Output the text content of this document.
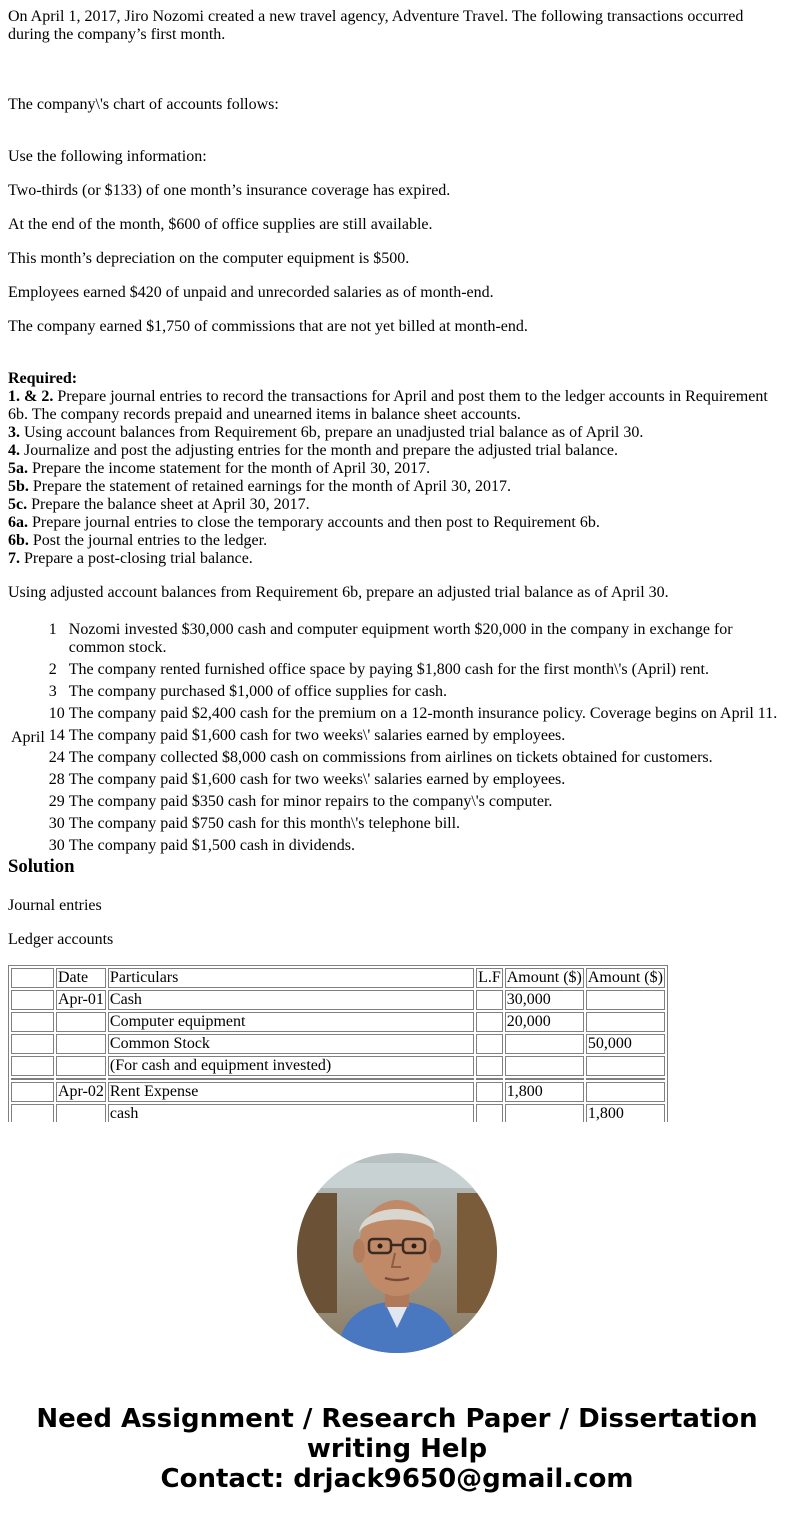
On April 1, 2017, Jiro Nozomi created a new travel agency, Adventure Travel. The following transactions occurred during the company’s first month.

The company\'s chart of accounts follows:

Use the following information:

Two-thirds (or $133) of one month’s insurance coverage has expired.

At the end of the month, $600 of office supplies are still available.

This month’s depreciation on the computer equipment is $500.

Employees earned $420 of unpaid and unrecorded salaries as of month-end.

The company earned $1,750 of commissions that are not yet billed at month-end.

Required:
1. & 2. Prepare journal entries to record the transactions for April and post them to the ledger accounts in Requirement 6b. The company records prepaid and unearned items in balance sheet accounts.
3. Using account balances from Requirement 6b, prepare an unadjusted trial balance as of April 30.
4. Journalize and post the adjusting entries for the month and prepare the adjusted trial balance.
5a. Prepare the income statement for the month of April 30, 2017.
5b. Prepare the statement of retained earnings for the month of April 30, 2017.
5c. Prepare the balance sheet at April 30, 2017.
6a. Prepare journal entries to close the temporary accounts and then post to Requirement 6b.
6b. Post the journal entries to the ledger.
7. Prepare a post-closing trial balance.

Using adjusted account balances from Requirement 6b, prepare an adjusted trial balance as of April 30.

April	1	Nozomi invested $30,000 cash and computer equipment worth $20,000 in the company in exchange for common stock.
	2	The company rented furnished office space by paying $1,800 cash for the first month\'s (April) rent.
	3	The company purchased $1,000 of office supplies for cash.
	10	The company paid $2,400 cash for the premium on a 12-month insurance policy. Coverage begins on April 11.
	14	The company paid $1,600 cash for two weeks\' salaries earned by employees.
	24	The company collected $8,000 cash on commissions from airlines on tickets obtained for customers.
	28	The company paid $1,600 cash for two weeks\' salaries earned by employees.
	29	The company paid $350 cash for minor repairs to the company\'s computer.
	30	The company paid $750 cash for this month\'s telephone bill.
	30	The company paid $1,500 cash in dividends.
Solution

Journal entries

Ledger accounts

	Date	Particulars	L.F	Amount ($)	Amount ($)
	Apr-01	Cash		30,000	
		Computer equipment		20,000	
		Common Stock			50,000
		(For cash and equipment invested)			

	Apr-02	Rent Expense		1,800	
		cash			1,800
Need Assignment / Research Paper / Dissertation
writing Help
Contact: drjack9650@gmail.com
